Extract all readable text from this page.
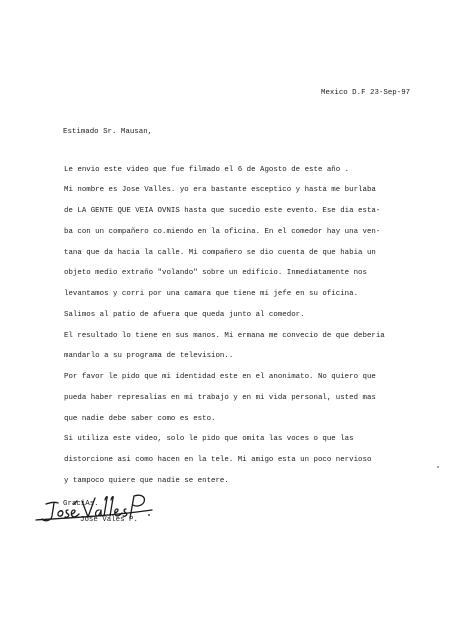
Mexico D.F 23-Sep-97
Estimado Sr. Mausan,
Le envio este video que fue filmado el 6 de Agosto de este año .
Mi nombre es Jose Valles. yo era bastante esceptico y hasta me burlaba
de LA GENTE QUE VEIA OVNIS hasta que sucedio este evento. Ese dia esta-
ba con un compañero co.miendo en la oficina. En el comedor hay una ven-
tana que da hacia la calle. Mi compañero se dio cuenta de que habia un
objeto medio extraño "volando" sobre un edificio. Inmediatamente nos
levantamos y corri por una camara que tiene mi jefe en su oficina.
Salimos al patio de afuera que queda junto al comedor.
El resultado lo tiene en sus manos. Mi ermana me convecio de que deberia
mandarlo a su programa de television..
Por favor le pido que mi identidad este en el anonimato. No quiero que
pueda haber represalias en mi trabajo y en mi vida personal, usted mas
que nadie debe saber como es esto.
Si utiliza este video, solo le pido que omita las voces o que las
distorcione asi como hacen en la tele. Mi amigo esta un poco nervioso
y tampoco quiere que nadie se entere.
GraciAs.
Jose Vales P.
